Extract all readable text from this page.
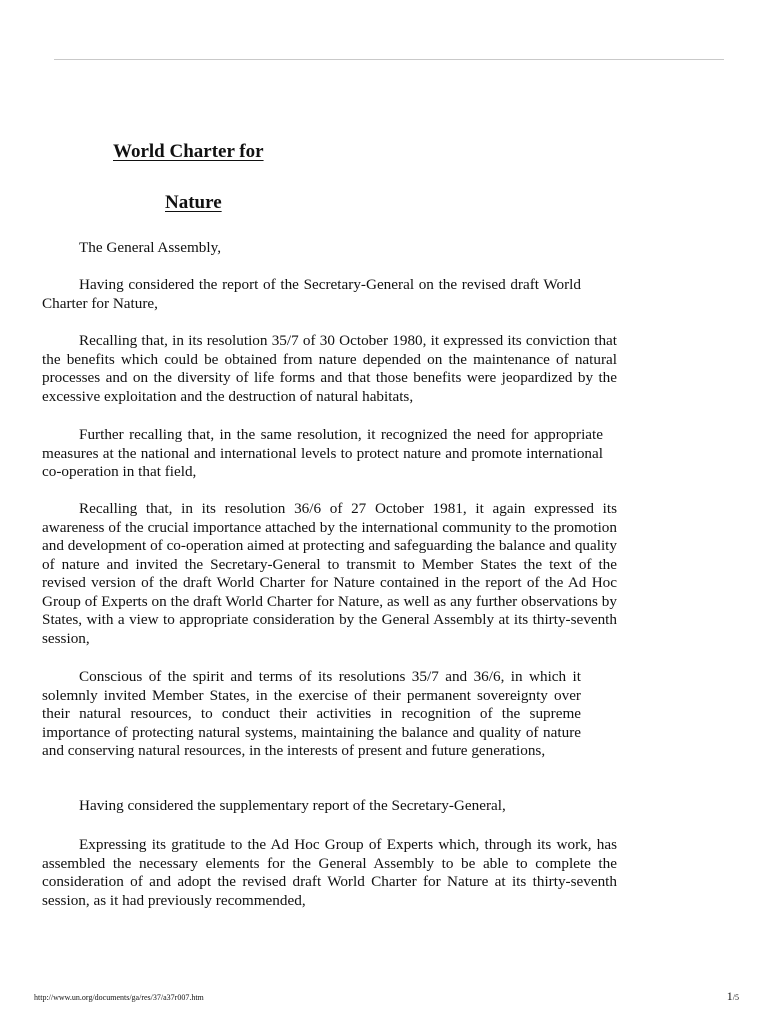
World Charter for
Nature

The General Assembly,

Having considered the report of the Secretary-General on the revised draft World Charter for Nature,

Recalling that, in its resolution 35/7 of 30 October 1980, it expressed its conviction that the benefits which could be obtained from nature depended on the maintenance of natural processes and on the diversity of life forms and that those benefits were jeopardized by the excessive exploitation and the destruction of natural habitats,

Further recalling that, in the same resolution, it recognized the need for appropriate measures at the national and international levels to protect nature and promote international co-operation in that field,

Recalling that, in its resolution 36/6 of 27 October 1981, it again expressed its awareness of the crucial importance attached by the international community to the promotion and development of co-operation aimed at protecting and safeguarding the balance and quality of nature and invited the Secretary-General to transmit to Member States the text of the revised version of the draft World Charter for Nature contained in the report of the Ad Hoc Group of Experts on the draft World Charter for Nature, as well as any further observations by States, with a view to appropriate consideration by the General Assembly at its thirty-seventh session,

Conscious of the spirit and terms of its resolutions 35/7 and 36/6, in which it solemnly invited Member States, in the exercise of their permanent sovereignty over their natural resources, to conduct their activities in recognition of the supreme importance of protecting natural systems, maintaining the balance and quality of nature and conserving natural resources, in the interests of present and future generations,

Having considered the supplementary report of the Secretary-General,

Expressing its gratitude to the Ad Hoc Group of Experts which, through its work, has assembled the necessary elements for the General Assembly to be able to complete the consideration of and adopt the revised draft World Charter for Nature at its thirty-seventh session, as it had previously recommended,

http://www.un.org/documents/ga/res/37/a37r007.htm	1/5
